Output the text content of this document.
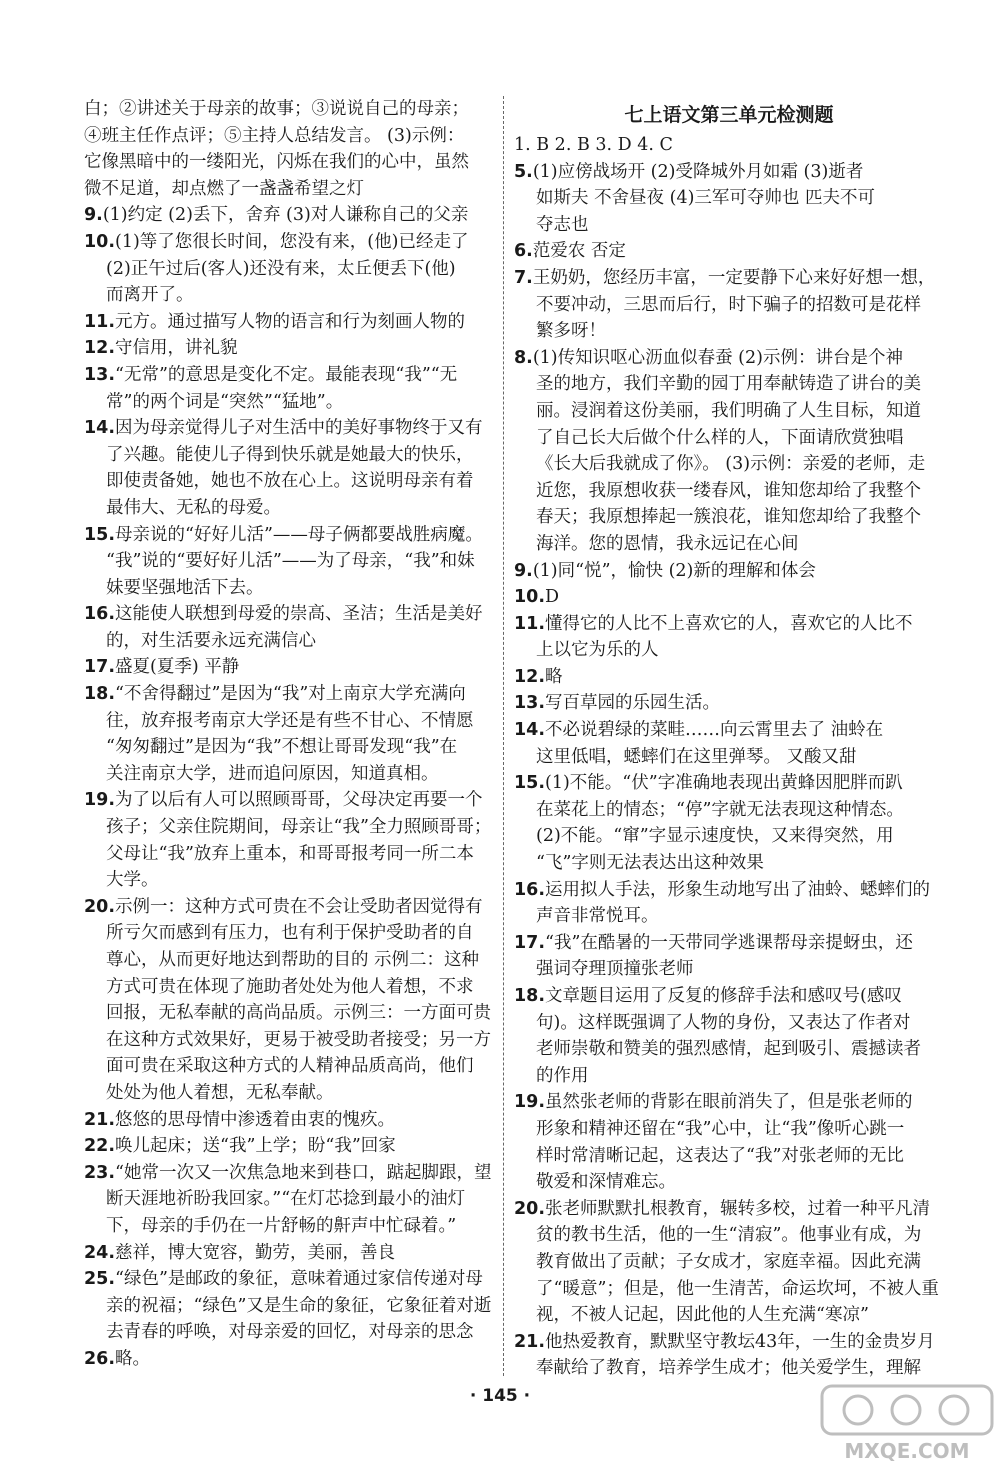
白；②讲述关于母亲的故事；③说说自己的母亲；
④班主任作点评；⑤主持人总结发言。 (3)示例：
它像黑暗中的一缕阳光，闪烁在我们的心中，虽然
微不足道，却点燃了一盏盏希望之灯
9.(1)约定 (2)丢下，舍弃 (3)对人谦称自己的父亲
10.(1)等了您很长时间，您没有来，(他)已经走了
(2)正午过后(客人)还没有来，太丘便丢下(他)
而离开了。
11.元方。通过描写人物的语言和行为刻画人物的
12.守信用，讲礼貌
13.“无常”的意思是变化不定。最能表现“我”“无
常”的两个词是“突然”“猛地”。
14.因为母亲觉得儿子对生活中的美好事物终于又有
了兴趣。能使儿子得到快乐就是她最大的快乐，
即使责备她，她也不放在心上。这说明母亲有着
最伟大、无私的母爱。
15.母亲说的“好好儿活”——母子俩都要战胜病魔。
“我”说的“要好好儿活”——为了母亲，“我”和妹
妹要坚强地活下去。
16.这能使人联想到母爱的崇高、圣洁；生活是美好
的，对生活要永远充满信心
17.盛夏(夏季) 平静
18.“不舍得翻过”是因为“我”对上南京大学充满向
往，放弃报考南京大学还是有些不甘心、不情愿
“匆匆翻过”是因为“我”不想让哥哥发现“我”在
关注南京大学，进而追问原因，知道真相。
19.为了以后有人可以照顾哥哥，父母决定再要一个
孩子；父亲住院期间，母亲让“我”全力照顾哥哥；
父母让“我”放弃上重本，和哥哥报考同一所二本
大学。
20.示例一：这种方式可贵在不会让受助者因觉得有
所亏欠而感到有压力，也有利于保护受助者的自
尊心，从而更好地达到帮助的目的 示例二：这种
方式可贵在体现了施助者处处为他人着想，不求
回报，无私奉献的高尚品质。示例三：一方面可贵
在这种方式效果好，更易于被受助者接受；另一方
面可贵在采取这种方式的人精神品质高尚，他们
处处为他人着想，无私奉献。
21.悠悠的思母情中渗透着由衷的愧疚。
22.唤儿起床；送“我”上学；盼“我”回家
23.“她常一次又一次焦急地来到巷口，踮起脚跟，望
断天涯地祈盼我回家。”“在灯芯捻到最小的油灯
下，母亲的手仍在一片舒畅的鼾声中忙碌着。”
24.慈祥，博大宽容，勤劳，美丽，善良
25.“绿色”是邮政的象征，意味着通过家信传递对母
亲的祝福；“绿色”又是生命的象征，它象征着对逝
去青春的呼唤，对母亲爱的回忆，对母亲的思念
26.略。
七上语文第三单元检测题
1. B 2. B 3. D 4. C
5.(1)应傍战场开 (2)受降城外月如霜 (3)逝者
如斯夫 不舍昼夜 (4)三军可夺帅也 匹夫不可
夺志也
6.范爱农 否定
7.王奶奶，您经历丰富，一定要静下心来好好想一想，
不要冲动，三思而后行，时下骗子的招数可是花样
繁多呀！
8.(1)传知识呕心沥血似春蚕 (2)示例：讲台是个神
圣的地方，我们辛勤的园丁用奉献铸造了讲台的美
丽。浸润着这份美丽，我们明确了人生目标，知道
了自己长大后做个什么样的人，下面请欣赏独唱
《长大后我就成了你》。 (3)示例：亲爱的老师，走
近您，我原想收获一缕春风，谁知您却给了我整个
春天；我原想捧起一簇浪花，谁知您却给了我整个
海洋。您的恩情，我永远记在心间
9.(1)同“悦”，愉快 (2)新的理解和体会
10.D
11.懂得它的人比不上喜欢它的人，喜欢它的人比不
上以它为乐的人
12.略
13.写百草园的乐园生活。
14.不必说碧绿的菜畦……向云霄里去了 油蛉在
这里低唱，蟋蟀们在这里弹琴。 又酸又甜
15.(1)不能。“伏”字准确地表现出黄蜂因肥胖而趴
在菜花上的情态；“停”字就无法表现这种情态。
(2)不能。“窜”字显示速度快，又来得突然，用
“飞”字则无法表达出这种效果
16.运用拟人手法，形象生动地写出了油蛉、蟋蟀们的
声音非常悦耳。
17.“我”在酷暑的一天带同学逃课帮母亲提蚜虫，还
强词夺理顶撞张老师
18.文章题目运用了反复的修辞手法和感叹号(感叹
句)。这样既强调了人物的身份，又表达了作者对
老师崇敬和赞美的强烈感情，起到吸引、震撼读者
的作用
19.虽然张老师的背影在眼前消失了，但是张老师的
形象和精神还留在“我”心中，让“我”像听心跳一
样时常清晰记起，这表达了“我”对张老师的无比
敬爱和深情难忘。
20.张老师默默扎根教育，辗转多校，过着一种平凡清
贫的教书生活，他的一生“清寂”。他事业有成，为
教育做出了贡献；子女成才，家庭幸福。因此充满
了“暖意”；但是，他一生清苦，命运坎坷，不被人重
视，不被人记起，因此他的人生充满“寒凉”
21.他热爱教育，默默坚守教坛43年，一生的金贵岁月
奉献给了教育，培养学生成才；他关爱学生，理解
· 145 ·
MXQE.COM
